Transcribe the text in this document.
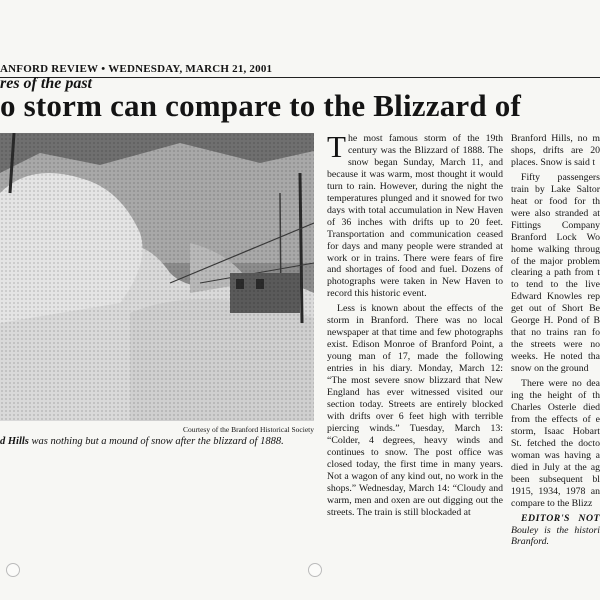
ANFORD REVIEW • WEDNESDAY, MARCH 21, 2001
res of the past
o storm can compare to the Blizzard of
Courtesy of the Branford Historical Society
d Hills was nothing but a mound of snow after the blizzard of 1888.

The most famous storm of the 19th century was the Blizzard of 1888. The snow began Sunday, March 11, and because it was warm, most thought it would turn to rain. However, during the night the temperatures plunged and it snowed for two days with total accumulation in New Haven of 36 inches with drifts up to 20 feet. Transportation and communication ceased for days and many people were stranded at work or in trains. There were fears of fire and shortages of food and fuel. Dozens of photographs were taken in New Haven to record this historic event.

Less is known about the effects of the storm in Branford. There was no local newspaper at that time and few photographs exist. Edison Monroe of Branford Point, a young man of 17, made the following entries in his diary. Monday, March 12: “The most severe snow blizzard that New England has ever witnessed visited our section today. Streets are entirely blocked with drifts over 6 feet high with terrible piercing winds.” Tuesday, March 13: “Colder, 4 degrees, heavy winds and continues to snow. The post office was closed today, the first time in many years. Not a wagon of any kind out, no work in the shops.” Wednesday, March 14: “Cloudy and warm, men and oxen are out digging out the streets. The train is still blockaded at

Branford Hills, no m shops, drifts are 20 places. Snow is said t

Fifty passengers train by Lake Saltor heat or food for th were also stranded at Fittings Company Branford Lock Wo home walking throug of the major problem clearing a path from t to tend to the live Edward Knowles rep get out of Short Be George H. Pond of B that no trains ran fo the streets were no weeks. He noted tha snow on the ground

There were no dea ing the height of th Charles Osterle died from the effects of e storm, Isaac Hobart St. fetched the docto woman was having a died in July at the ag been subsequent bl 1915, 1934, 1978 an compare to the Blizz

EDITOR'S NOT Bouley is the histori Branford.
